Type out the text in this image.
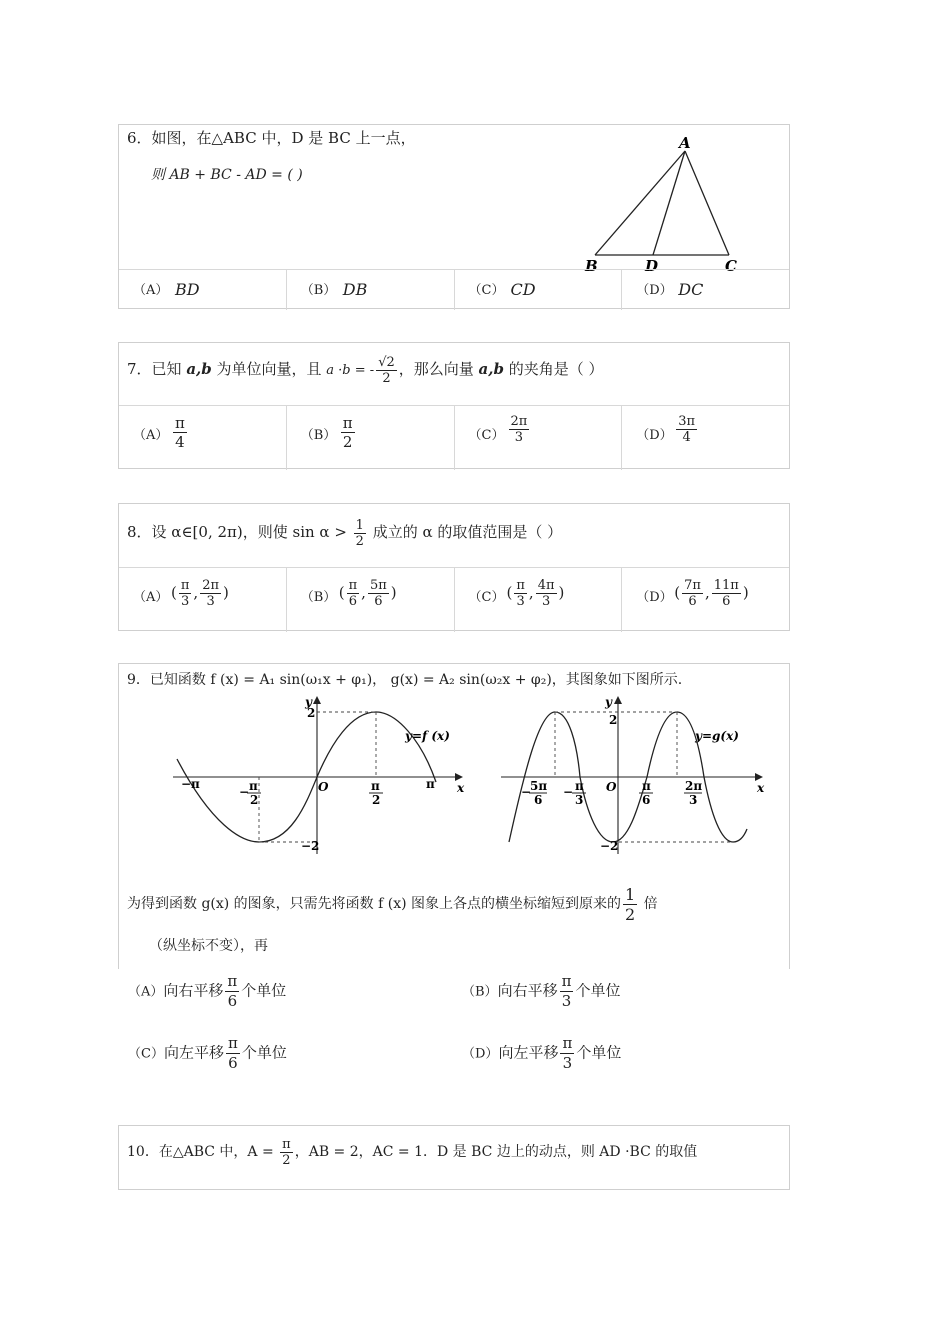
6．如图，在△ABC 中，D 是 BC 上一点，
则 AB + BC - AD = ( )
A
B	D	C
（A） BD	（B） DB	（C） CD	（D） DC
7．已知 a,b 为单位向量，且 a ·b = - $\frac{√2}{2}$ ，那么向量 a,b 的夹角是（ ）
$(A) \frac{\pi}{4}$	$(B) \frac{\pi}{2}$	$(C) \frac{2\pi}{3}$	$(D) \frac{3\pi}{4}$
8．设 α∈[0, 2π)，则使 $\sin \alpha > \frac{1}{2}$ 成立的 α 的取值范围是（ ）
（A） ( $\frac{\pi}{3}$ , $\frac{2\pi}{3}$ )	（B） ( $\frac{\pi}{6}$ , $\frac{5\pi}{6}$ )	（C） ( $\frac{\pi}{3}$ , $\frac{4\pi}{3}$ )	（D） ( $\frac{7\pi}{6}$ , $\frac{11\pi}{6}$ )
9．已知函数 f (x) = A₁ sin(ω₁x + φ₁)， g(x) = A₂ sin(ω₂x + φ₂)，其图象如下图所示.
y
2
−2
O	x
−π	π
− π
2
π
2
y=f (x)
y
2
−2
O	x
−
5π
6
− π
3
π
6
2π
3
y=g(x)
为得到函数 g(x) 的图象，只需先将函数 f (x) 图象上各点的横坐标缩短到原来的 $\frac{1}{2}$ 倍
（纵坐标不变），再
（A）向右平移 $\frac{\pi}{6}$ 个单位	（B）向右平移 $\frac{\pi}{3}$ 个单位
（C）向左平移 $\frac{\pi}{6}$ 个单位	（D）向左平移 $\frac{\pi}{3}$ 个单位
10．在△ABC 中，$A = \frac{\pi}{2}$ ，AB = 2，AC = 1．D 是 BC 边上的动点，则 AD ·BC 的取值
